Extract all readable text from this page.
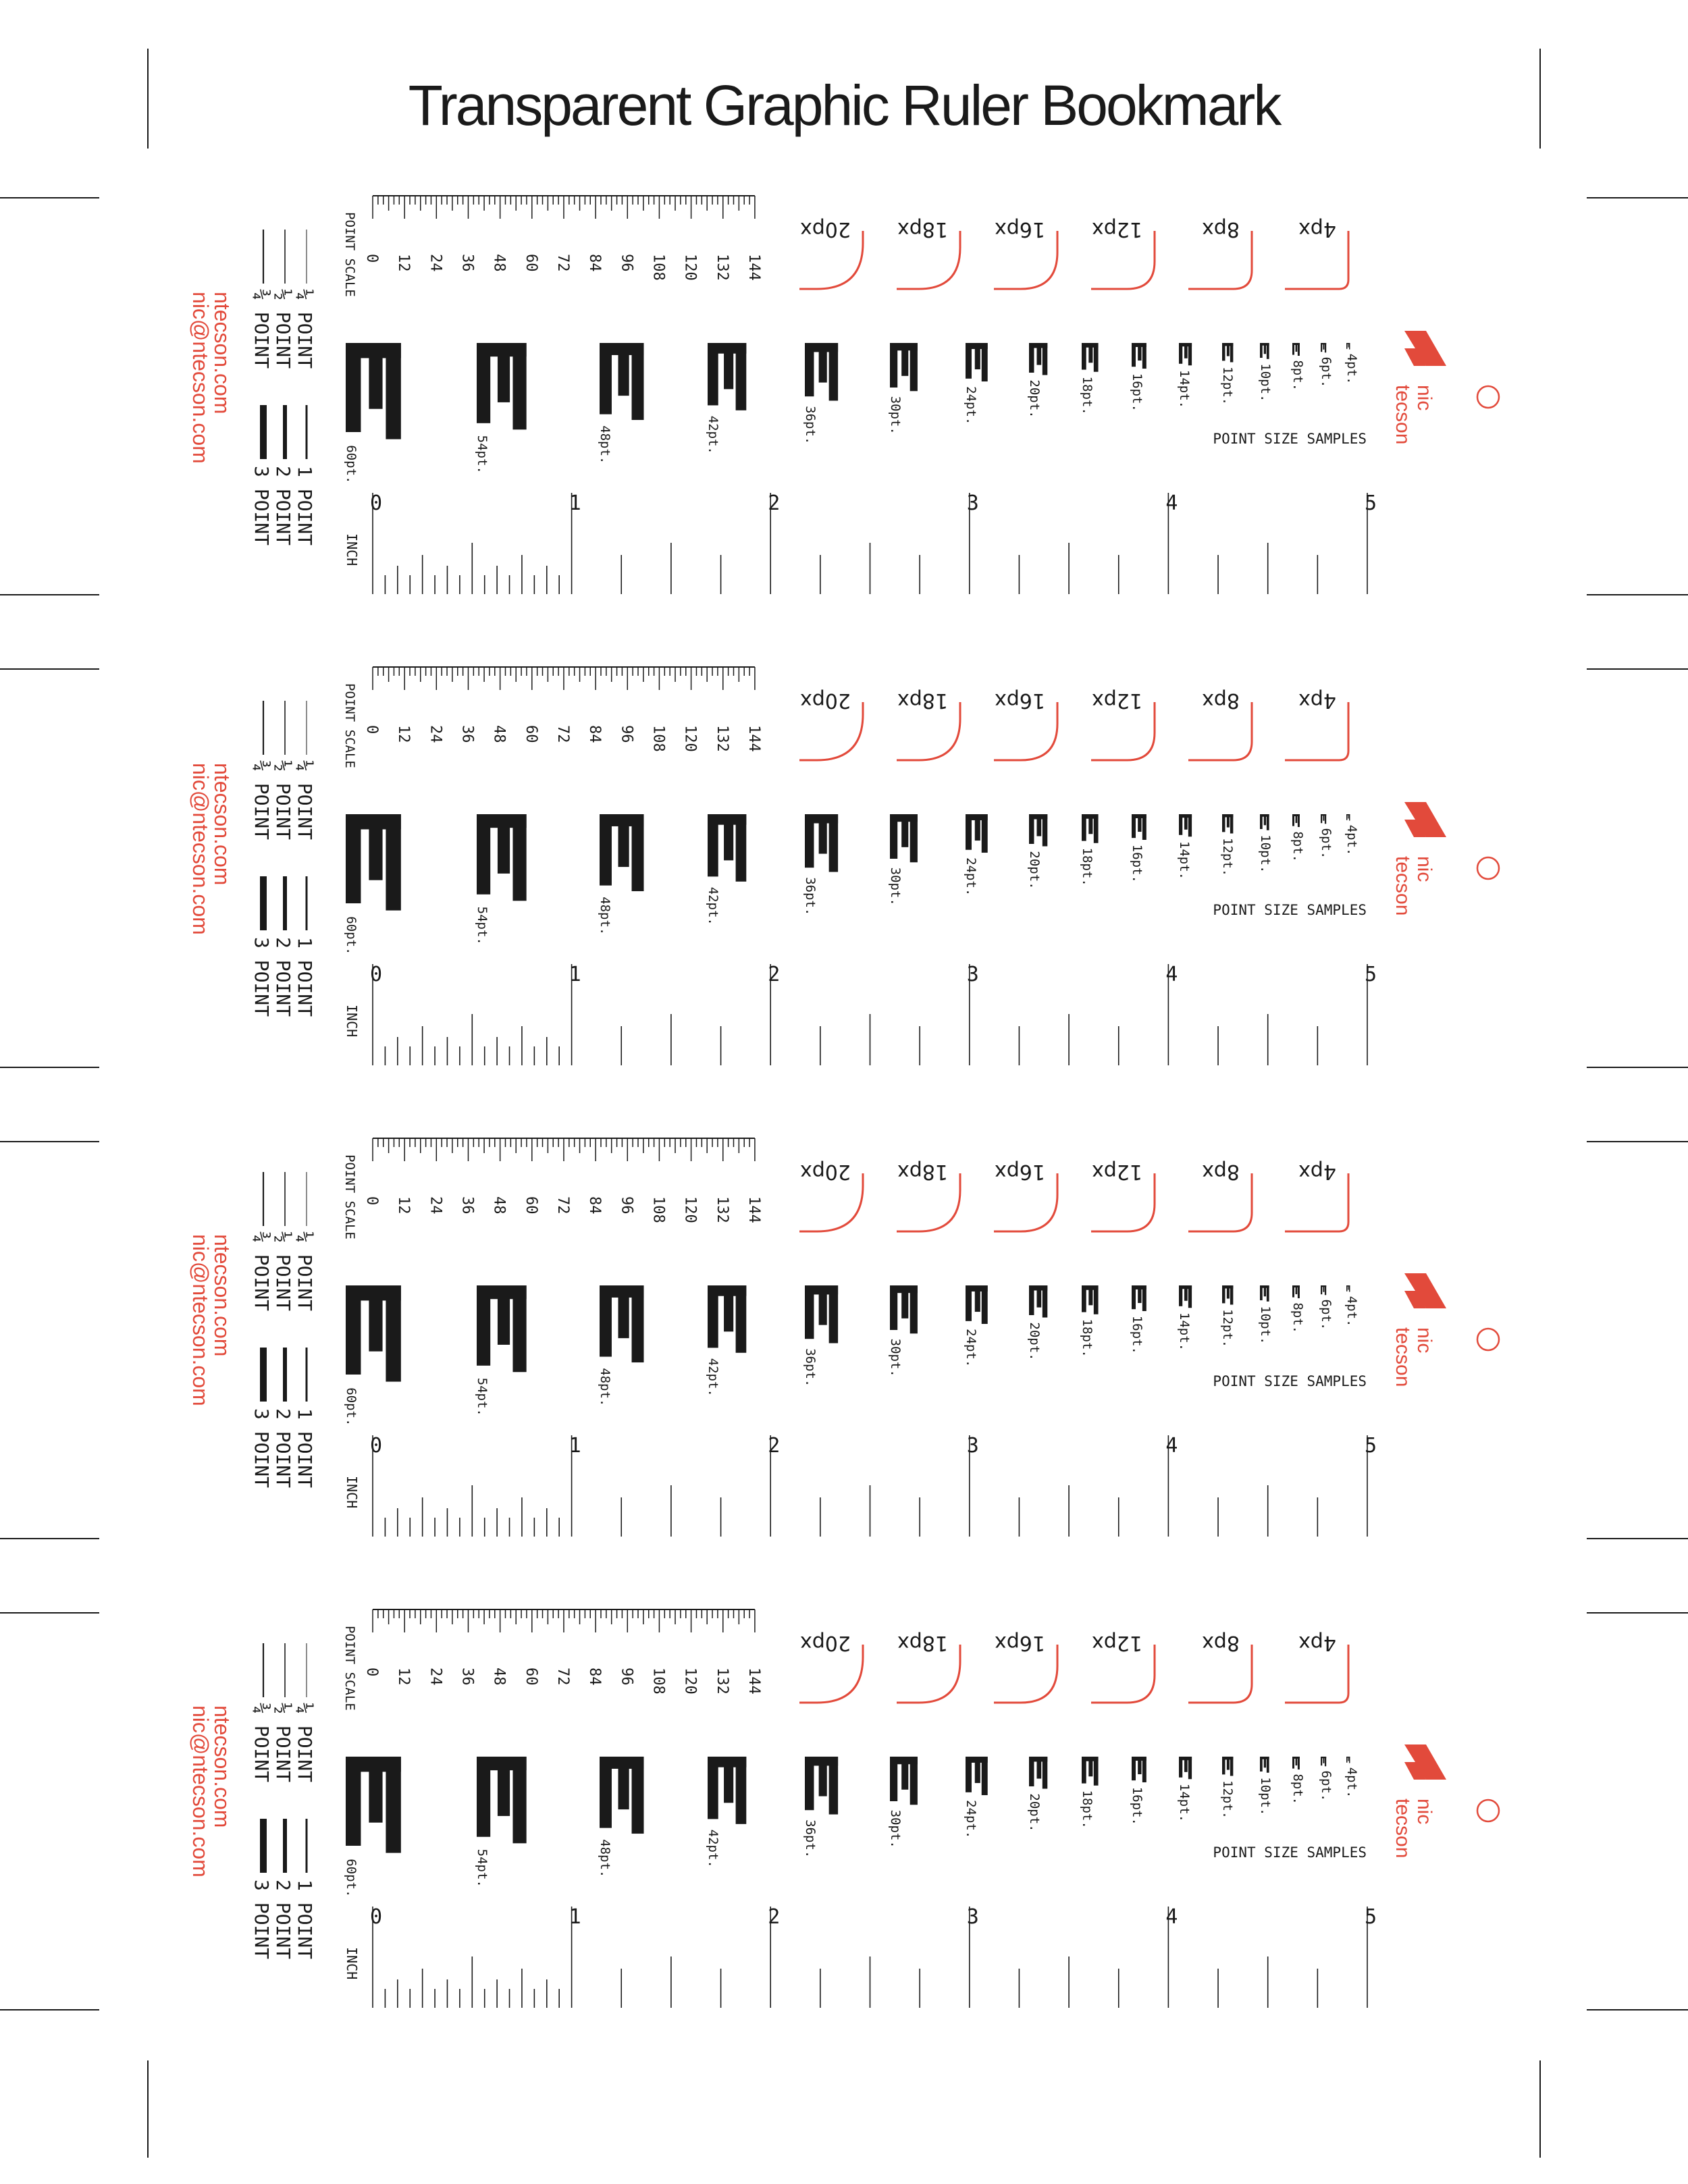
Transparent Graphic Ruler Bookmark
0 12 24 36 48 60 72 84 96 108 120 132 144
POINT SCALE	20px 18px 16px 12px	8px	4px
60pt.	54pt.	48pt.	42pt.	36pt.	30pt.	24pt.	20pt.	18pt.	16pt.	14pt. 12pt. 10pt. 8pt. 6pt. 4pt.
POINT SIZE SAMPLES
nic
tecson
0	1	2	3	4	5
INCH
¼ POINT
½ POINT
¾ POINT
1 POINT
2 POINT
3 POINT
ntecson.com
nic@ntecson.com
0 12 24 36 48 60 72 84 96 108 120 132 144
POINT SCALE	20px 18px 16px 12px	8px	4px
60pt.	54pt.	48pt.	42pt.	36pt.	30pt.	24pt.	20pt.	18pt.	16pt.	14pt. 12pt. 10pt. 8pt. 6pt. 4pt.
POINT SIZE SAMPLES
nic
tecson
0	1	2	3	4	5
INCH
¼ POINT
½ POINT
¾ POINT
1 POINT
2 POINT
3 POINT
ntecson.com
nic@ntecson.com
0 12 24 36 48 60 72 84 96 108 120 132 144
POINT SCALE	20px 18px 16px 12px	8px	4px
60pt.	54pt.	48pt.	42pt.	36pt.	30pt.	24pt.	20pt.	18pt.	16pt.	14pt. 12pt. 10pt. 8pt. 6pt. 4pt.
POINT SIZE SAMPLES
nic
tecson
0	1	2	3	4	5
INCH
¼ POINT
½ POINT
¾ POINT
1 POINT
2 POINT
3 POINT
ntecson.com
nic@ntecson.com
0 12 24 36 48 60 72 84 96 108 120 132 144
POINT SCALE	20px 18px 16px 12px	8px	4px
60pt.	54pt.	48pt.	42pt.	36pt.	30pt.	24pt.	20pt.	18pt.	16pt.	14pt. 12pt. 10pt. 8pt. 6pt. 4pt.
POINT SIZE SAMPLES
nic
tecson
0	1	2	3	4	5
INCH
¼ POINT
½ POINT
¾ POINT
1 POINT
2 POINT
3 POINT
ntecson.com
nic@ntecson.com
